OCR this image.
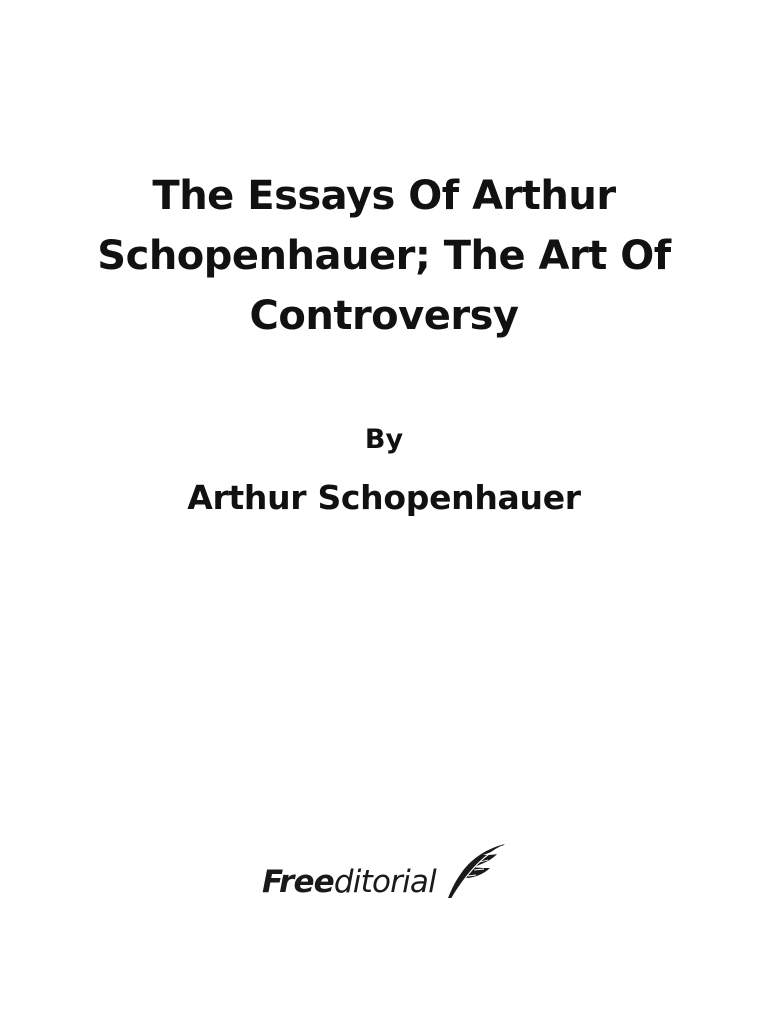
The Essays Of Arthur Schopenhauer; The Art Of Controversy
By
Arthur Schopenhauer
Freeditorial
